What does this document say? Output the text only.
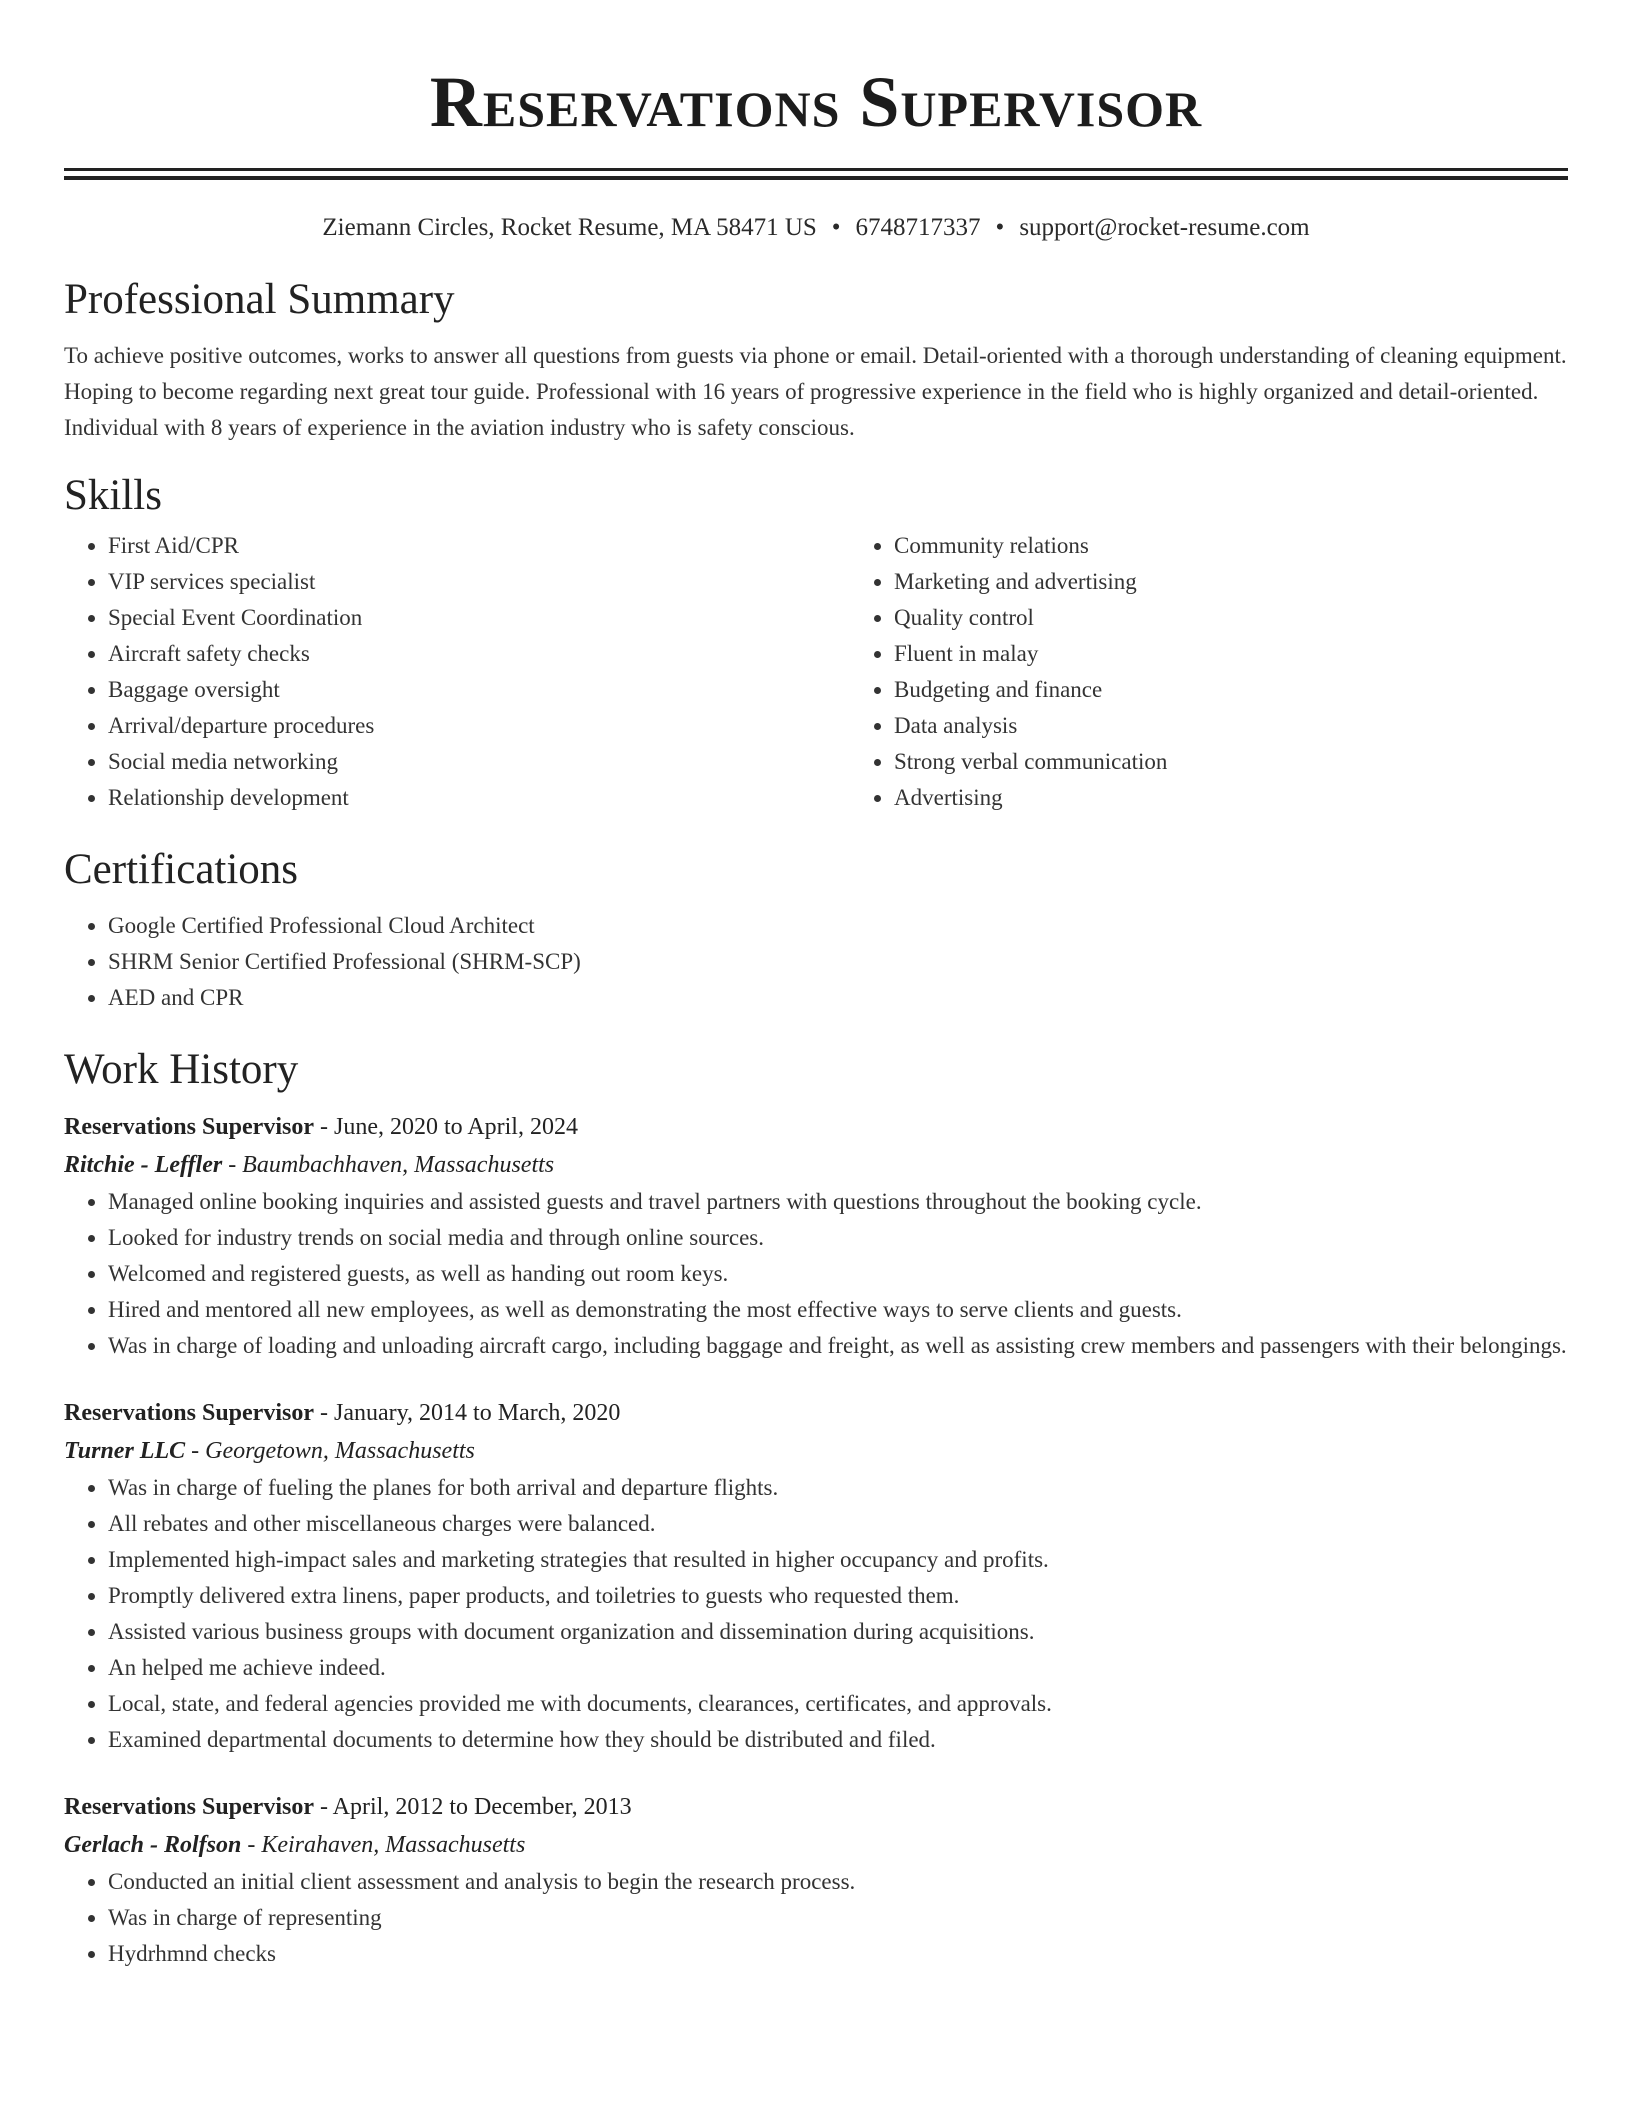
Reservations Supervisor
Ziemann Circles, Rocket Resume, MA 58471 US • 6748717337 • support@rocket-resume.com
Professional Summary

To achieve positive outcomes, works to answer all questions from guests via phone or email. Detail-oriented with a thorough understanding of cleaning equipment. Hoping to become regarding next great tour guide. Professional with 16 years of progressive experience in the field who is highly organized and detail-oriented. Individual with 8 years of experience in the aviation industry who is safety conscious.

Skills
• First Aid/CPR
• VIP services specialist
• Special Event Coordination
• Aircraft safety checks
• Baggage oversight
• Arrival/departure procedures
• Social media networking
• Relationship development
• Community relations
• Marketing and advertising
• Quality control
• Fluent in malay
• Budgeting and finance
• Data analysis
• Strong verbal communication
• Advertising
Certifications
• Google Certified Professional Cloud Architect
• SHRM Senior Certified Professional (SHRM-SCP)
• AED and CPR
Work History
Reservations Supervisor - June, 2020 to April, 2024
Ritchie - Leffler - Baumbachhaven, Massachusetts
• Managed online booking inquiries and assisted guests and travel partners with questions throughout the booking cycle.
• Looked for industry trends on social media and through online sources.
• Welcomed and registered guests, as well as handing out room keys.
• Hired and mentored all new employees, as well as demonstrating the most effective ways to serve clients and guests.
• Was in charge of loading and unloading aircraft cargo, including baggage and freight, as well as assisting crew members and passengers with their belongings.
Reservations Supervisor - January, 2014 to March, 2020
Turner LLC - Georgetown, Massachusetts
• Was in charge of fueling the planes for both arrival and departure flights.
• All rebates and other miscellaneous charges were balanced.
• Implemented high-impact sales and marketing strategies that resulted in higher occupancy and profits.
• Promptly delivered extra linens, paper products, and toiletries to guests who requested them.
• Assisted various business groups with document organization and dissemination during acquisitions.
• An helped me achieve indeed.
• Local, state, and federal agencies provided me with documents, clearances, certificates, and approvals.
• Examined departmental documents to determine how they should be distributed and filed.
Reservations Supervisor - April, 2012 to December, 2013
Gerlach - Rolfson - Keirahaven, Massachusetts
• Conducted an initial client assessment and analysis to begin the research process.
• Was in charge of representing
• Hydrhmnd checks
